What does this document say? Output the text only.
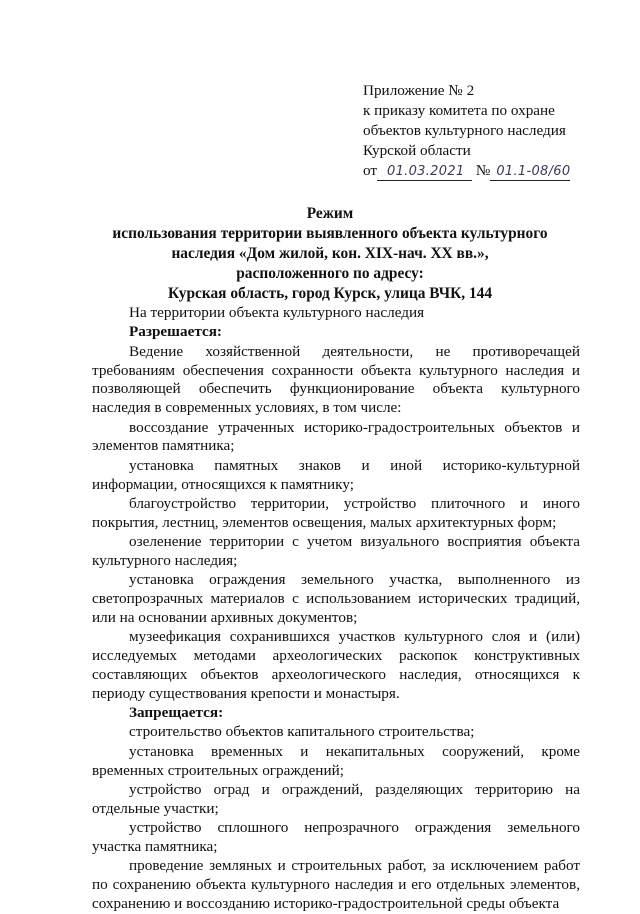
Приложение № 2
к приказу комитета по охране
объектов культурного наследия
Курской области
от 01.03.2021 № 01.1-08/60
Режим
использования территории выявленного объекта культурного
наследия «Дом жилой, кон. XIX-нач. XX вв.»,
расположенного по адресу:
Курская область, город Курск, улица ВЧК, 144

На территории объекта культурного наследия

Разрешается:

Ведение хозяйственной деятельности, не противоречащей требованиям обеспечения сохранности объекта культурного наследия и позволяющей обеспечить функционирование объекта культурного наследия в современных условиях, в том числе:

воссоздание утраченных историко-градостроительных объектов и элементов памятника;

установка памятных знаков и иной историко-культурной информации, относящихся к памятнику;

благоустройство территории, устройство плиточного и иного покрытия, лестниц, элементов освещения, малых архитектурных форм;

озеленение территории с учетом визуального восприятия объекта культурного наследия;

установка ограждения земельного участка, выполненного из светопрозрачных материалов с использованием исторических традиций, или на основании архивных документов;

музеефикация сохранившихся участков культурного слоя и (или) исследуемых методами археологических раскопок конструктивных составляющих объектов археологического наследия, относящихся к периоду существования крепости и монастыря.

Запрещается:

строительство объектов капитального строительства;

установка временных и некапитальных сооружений, кроме временных строительных ограждений;

устройство оград и ограждений, разделяющих территорию на отдельные участки;

устройство сплошного непрозрачного ограждения земельного участка памятника;

проведение земляных и строительных работ, за исключением работ по сохранению объекта культурного наследия и его отдельных элементов, сохранению и воссозданию историко-градостроительной среды объекта
